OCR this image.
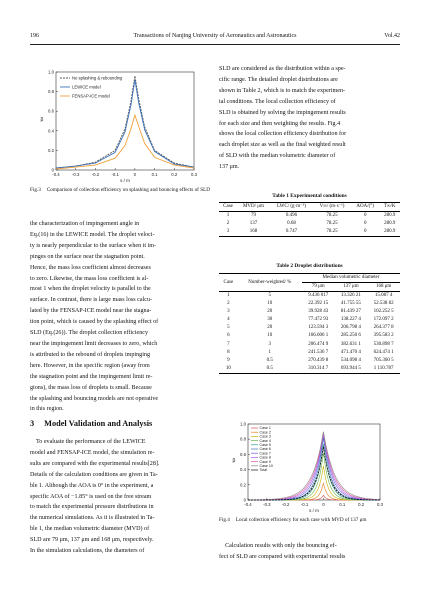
196	Transactions of Nanjing University of Aeronautics and Astronautics	Vol.42
-0.4	-0.3	-0.2	-0.1	0	0.1	0.2	0.3
0
0.2
0.4
0.6
0.8
1.0
s / m
β
No splashing & rebounding
LEWICE model
FENSAP-ICE model
Fig.3 Comparison of collection efficiency on splashing and bouncing effects of SLD

the characterization of impingement angle in

Eq.(16) in the LEWICE model. The droplet veloci-

ty is nearly perpendicular to the surface when it im-

pinges on the surface near the stagnation point.

Hence, the mass loss coefficient almost decreases

to zero. Likewise, the mass loss coefficient is al-

most 1 when the droplet velocity is parallel to the

surface. In contrast, there is large mass loss calcu-

lated by the FENSAP-ICE model near the stagna-

tion point, which is caused by the splashing effect of

SLD (Eq.(26)). The droplet collection efficiency

near the impingement limit decreases to zero, which

is attributed to the rebound of droplets impinging

here. However, in the specific region (away from

the stagnation point and the impingement limit re-

gions), the mass loss of droplets is small. Because

the splashing and bouncing models are not operative

in this region.

3 Model Validation and Analysis

To evaluate the performance of the LEWICE

model and FENSAP-ICE model, the simulation re-

sults are compared with the experimental results[28].

Details of the calculation conditions are given in Ta-

ble 1. Although the AOA is 0° in the experiment, a

specific AOA of −1.85° is used on the free stream

to match the experimental pressure distributions in

the numerical simulations. As it is illustrated in Ta-

ble 1, the median volumetric diameter (MVD) of

SLD are 79 μm, 137 μm and 168 μm, respectively.

In the simulation calculations, the diameters of

SLD are considered as the distribution within a spe-

cific range. The detailed droplet distributions are

shown in Table 2, which is to match the experimen-

tal conditions. The local collection efficiency of

SLD is obtained by solving the impingement results

for each size and then weighting the results. Fig.4

shows the local collection efficiency distribution for

each droplet size as well as the final weighted result

of SLD with the median volumetric diameter of

137 μm.

Table 1 Experimental conditions
Case	MVD/ μm	LWC/ (g·m⁻³)	V∞/ (m·s⁻¹)	AOA/(°)	T∞/K
1	79	0.496	78.25	0	280.9
2	137	0.68	78.25	0	280.9
3	168	0.747	78.25	0	280.9
Table 2 Droplet distributions
Case	Number-weighted/ %	Median volumetric diameter		
		79 μm	137 μm	168 μm
1	5	9.436 017	13.326 21	15.087 4
2	10	22.392 15	41.755 55	52.538 82
3	20	39.928 43	81.439 27	102.252 5
4	30	77.472 93	138.227 4	172.097 2
5	20	123.594 3	206.798 4	264.377 8
6	10	166.606 1	285.250 6	395.583 2
7	3	206.474 9	382.631 1	530.898 7
8	1	241.536 7	471.470 4	624.474 1
9	0.5	270.439 8	534.098 4	705.360 5
10	0.5	310.314 7	693.944 5	1 110.787
-0.4	-0.3	-0.2	-0.1	0	0.1	0.2	0.3
0
0.2
0.4
0.6
0.8
1.0
s / m
β
Case 1
Case 2
Case 3
Case 4
Case 5
Case 6
Case 7
Case 8
Case 9
Case 10
Total
Fig.4 Local collection efficiency for each case with MVD of 137 μm

Calculation results with only the bouncing ef-

fect of SLD are compared with experimental results
